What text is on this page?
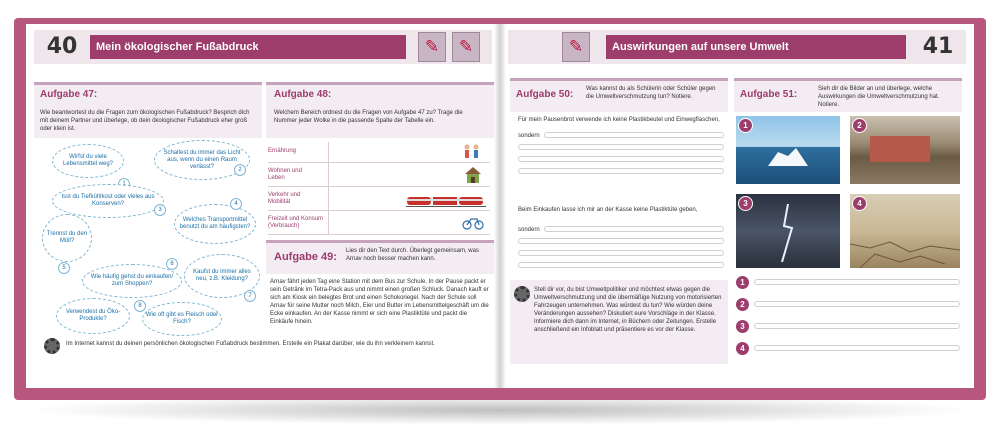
40	Mein ökologischer Fußabdruck	✎	✎
Aufgabe 47:
Wie beantwortest du die Fragen zum ökologischen Fußabdruck? Besprich dich mit deinem Partner und überlege, ob dein ökologischer Fußabdruck eher groß oder klein ist.
Wirfst du viele Lebensmittel weg?
Schaltest du immer das Licht aus, wenn du einen Raum verlässt?
2
Isst du Tiefkühlkost oder vieles aus Konserven?
3
Welches Transportmittel benutzt du am häufigsten?
4
Trennst du den Müll?
5
Wie häufig gehst du einkaufen/ zum Shoppen?
6
Kaufst du immer alles neu, z.B. Kleidung?
7
Verwendest du Öko-Produkte?
8
Wie oft gibt es Fleisch oder Fisch?
Aufgabe 48:
Welchem Bereich ordnest du die Fragen von Aufgabe 47 zu? Trage die Nummer jeder Wolke in die passende Spalte der Tabelle ein.
Ernährung
Wohnen und Leben
Verkehr und Mobilität
Freizeit und Konsum (Verbrauch)
Aufgabe 49: Lies dir den Text durch. Überlegt gemeinsam, was Arnav noch besser machen kann.
Arnav fährt jeden Tag eine Station mit dem Bus zur Schule. In der Pause packt er sein Getränk im Tetra-Pack aus und nimmt einen großen Schluck. Danach kauft er sich am Kiosk ein belegtes Brot und einen Schokoriegel. Nach der Schule soll Arnav für seine Mutter noch Milch, Eier und Butter im Lebensmittelgeschäft um die Ecke einkaufen. An der Kasse nimmt er sich eine Plastiktüte und packt die Einkäufe hinein.
Im Internet kannst du deinen persönlichen ökologischen Fußabdruck bestimmen. Erstelle ein Plakat darüber, wie du ihn verkleinern kannst.
✎	Auswirkungen auf unsere Umwelt	41
Aufgabe 50: Was kannst du als Schülerin oder Schüler gegen die Umweltverschmutzung tun? Notiere.
Für mein Pausenbrot verwende ich keine Plastikbeutel und Einwegflaschen,
sondern
Beim Einkaufen lasse ich mir an der Kasse keine Plastiktüte geben,
sondern
Aufgabe 51:	Sieh dir die Bilder an und überlege, welche Auswirkungen die Umweltverschmutzung hat. Notiere.
1	2
3	4
1
2
3
4
Stell dir vor, du bist Umweltpolitiker und möchtest etwas gegen die Umweltverschmutzung und die übermäßige Nutzung von motorisierten Fahrzeugen unternehmen. Was würdest du tun? Wie würden deine Veränderungen aussehen? Diskutiert eure Vorschläge in der Klasse. Informiere dich dann im Internet, in Büchern oder Zeitungen. Erstelle anschließend ein Infoblatt und präsentiere es vor der Klasse.
